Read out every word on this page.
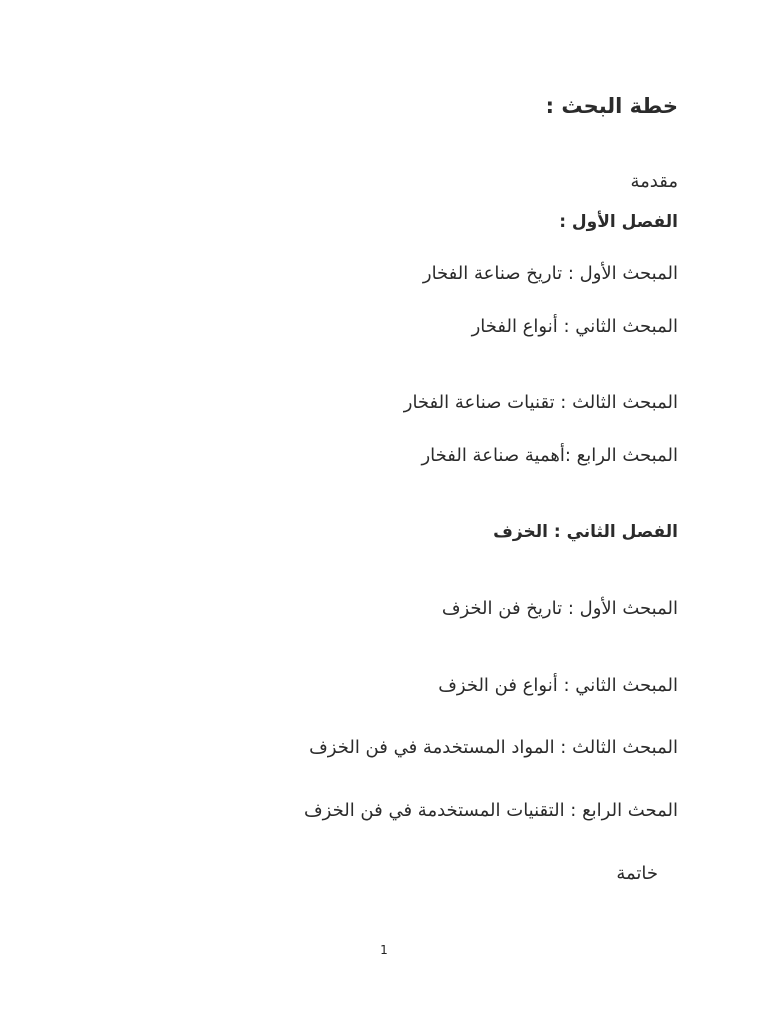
خطة البحث :
مقدمة
الفصل الأول :
المبحث الأول : تاريخ صناعة الفخار
المبحث الثاني : أنواع الفخار
المبحث الثالث : تقنيات صناعة الفخار
المبحث الرابع :أهمية صناعة الفخار
الفصل الثاني : الخزف
المبحث الأول : تاريخ فن الخزف
المبحث الثاني : أنواع فن الخزف
المبحث الثالث : المواد المستخدمة في فن الخزف
المحث الرابع : التقنيات المستخدمة في فن الخزف
خاتمة
1
